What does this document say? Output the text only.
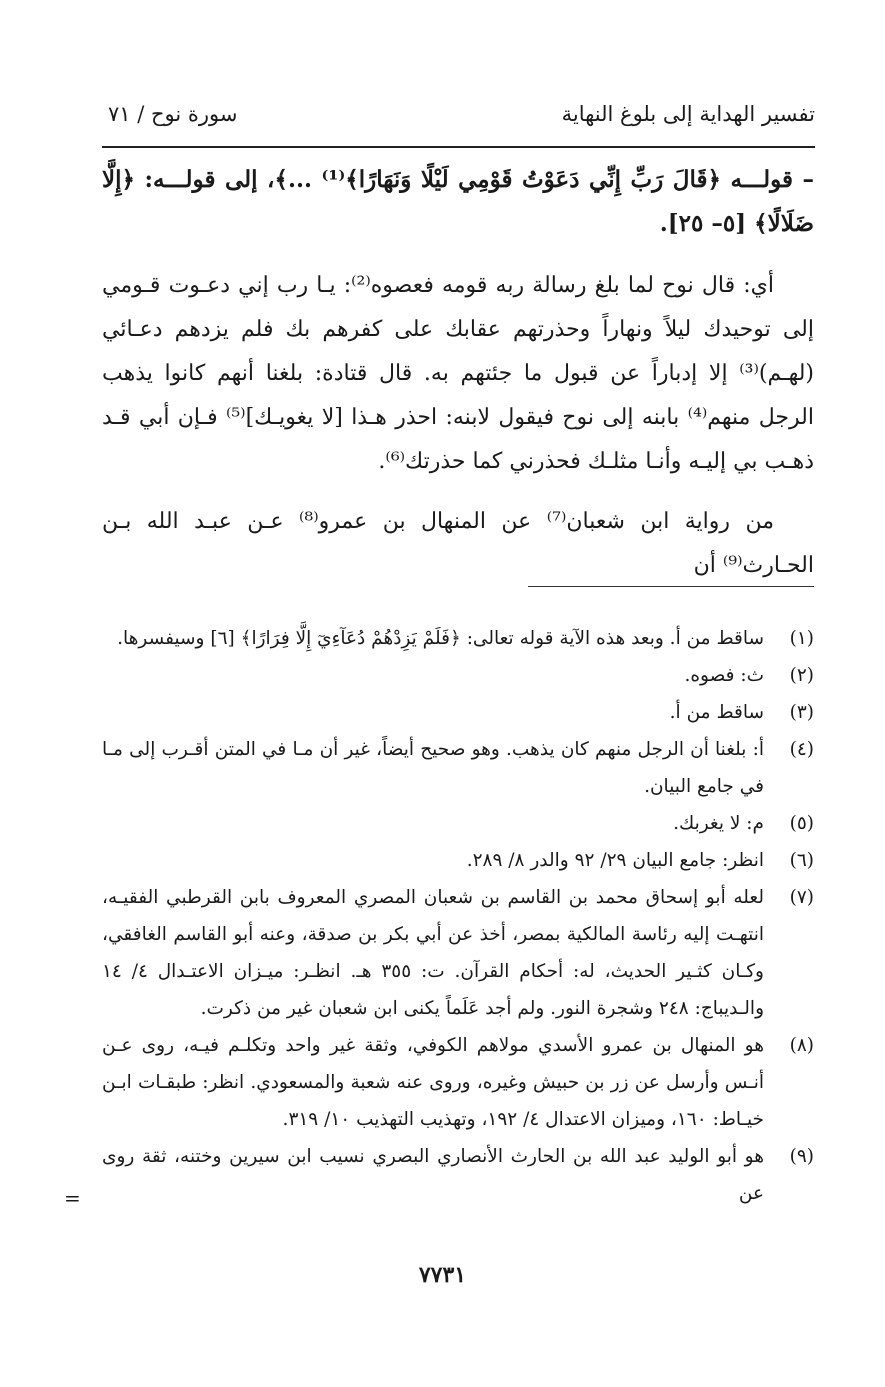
تفسير الهداية إلى بلوغ النهاية
سورة نوح / ٧١

– قولـــه ﴿قَالَ رَبِّ إِنِّي دَعَوْتُ قَوْمِي لَيْلًا وَنَهَارًا﴾⁽¹⁾ ...﴾، إلى قولـــه: ﴿إِلَّا ضَلَالًا﴾ [٥– ٢٥].

أي: قال نوح لما بلغ رسالة ربه قومه فعصوه⁽²⁾: يـا رب إني دعـوت قـومي إلى توحيدك ليلاً ونهاراً وحذرتهم عقابك على كفرهم بك فلم يزدهم دعـائي (لهـم)⁽³⁾ إلا إدباراً عن قبول ما جئتهم به. قال قتادة: بلغنا أنهم كانوا يذهب الرجل منهم⁽⁴⁾ بابنه إلى نوح فيقول لابنه: احذر هـذا [لا يغويـك]⁽⁵⁾ فـإن أبي قـد ذهـب بي إليـه وأنـا مثلـك فحذرني كما حذرتك⁽⁶⁾.

من رواية ابن شعبان⁽⁷⁾ عن المنهال بن عمرو⁽⁸⁾ عـن عبـد الله بـن الحـارث⁽⁹⁾ أن

(١)
ساقط من أ. وبعد هذه الآية قوله تعالى: ﴿فَلَمْ يَزِدْهُمْ دُعَآءِيٓ إِلَّا فِرَارًا﴾ [٦] وسيفسرها.
(٢)
ث: فصوه.
(٣)
ساقط من أ.
(٤)
أ: بلغنا أن الرجل منهم كان يذهب. وهو صحيح أيضاً، غير أن مـا في المتن أقـرب إلى مـا في جامع البيان.
(٥)
م: لا يغربك.
(٦)
انظر: جامع البيان ٢٩/ ٩٢ والدر ٨/ ٢٨٩.
(٧)
لعله أبو إسحاق محمد بن القاسم بن شعبان المصري المعروف بابن القرطبي الفقيـه، انتهـت إليه رئاسة المالكية بمصر، أخذ عن أبي بكر بن صدقة، وعنه أبو القاسم الغافقي، وكـان كثـير الحديث، له: أحكام القرآن. ت: ٣٥٥ هـ. انظـر: ميـزان الاعتـدال ٤/ ١٤ والـديباج: ٢٤٨ وشجرة النور. ولم أجد عَلَماً يكنى ابن شعبان غير من ذكرت.
(٨)
هو المنهال بن عمرو الأسدي مولاهم الكوفي، وثقة غير واحد وتكلـم فيـه، روى عـن أنـس وأرسل عن زر بن حبيش وغيره، وروى عنه شعبة والمسعودي. انظر: طبقـات ابـن خيـاط: ١٦٠، وميزان الاعتدال ٤/ ١٩٢، وتهذيب التهذيب ١٠/ ٣١٩.
(٩)
هو أبو الوليد عبد الله بن الحارث الأنصاري البصري نسيب ابن سيرين وختنه، ثقة روى عن
=
٧٧٣١
